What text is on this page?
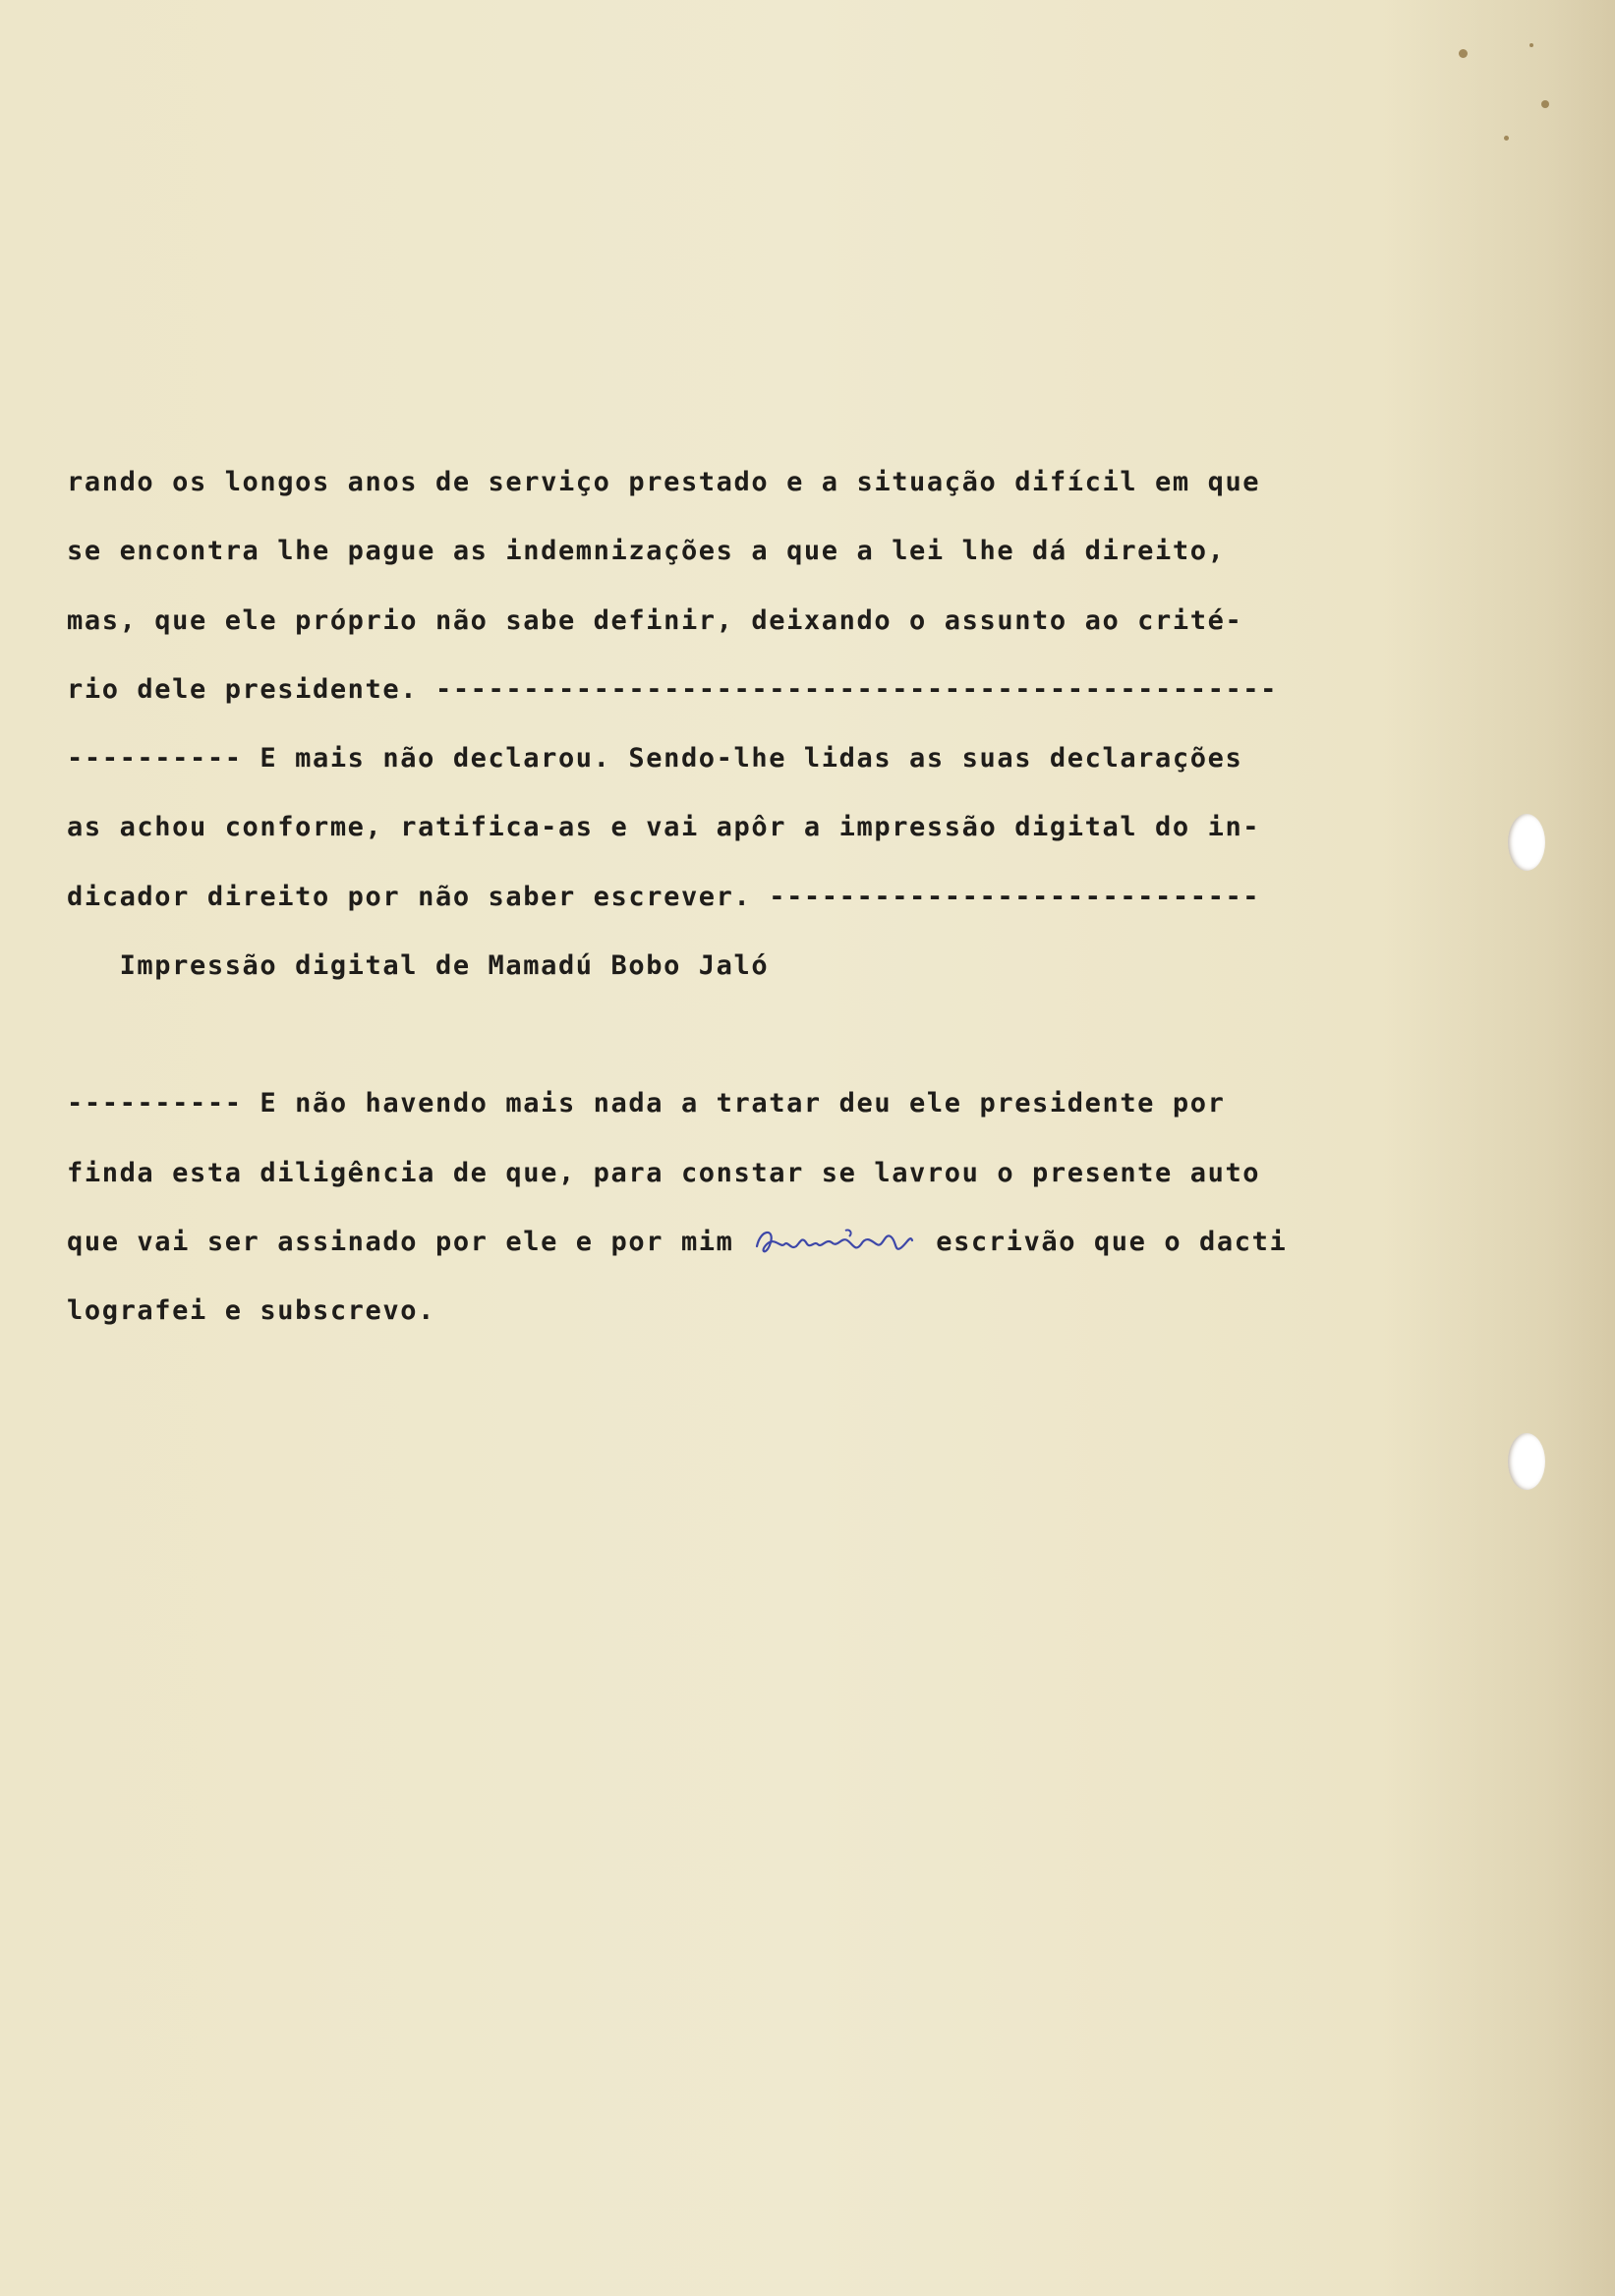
rando os longos anos de serviço prestado e a situação difícil em que
se encontra lhe pague as indemnizações a que a lei lhe dá direito,
mas, que ele próprio não sabe definir, deixando o assunto ao crité-
rio dele presidente. ------------------------------------------------
---------- E mais não declarou. Sendo-lhe lidas as suas declarações
as achou conforme, ratifica-as e vai apôr a impressão digital do in-
dicador direito por não saber escrever. ----------------------------
Impressão digital de Mamadú Bobo Jaló
---------- E não havendo mais nada a tratar deu ele presidente por
finda esta diligência de que, para constar se lavrou o presente auto
que vai ser assinado por ele e por mim	escrivão que o dacti
lografei e subscrevo.
